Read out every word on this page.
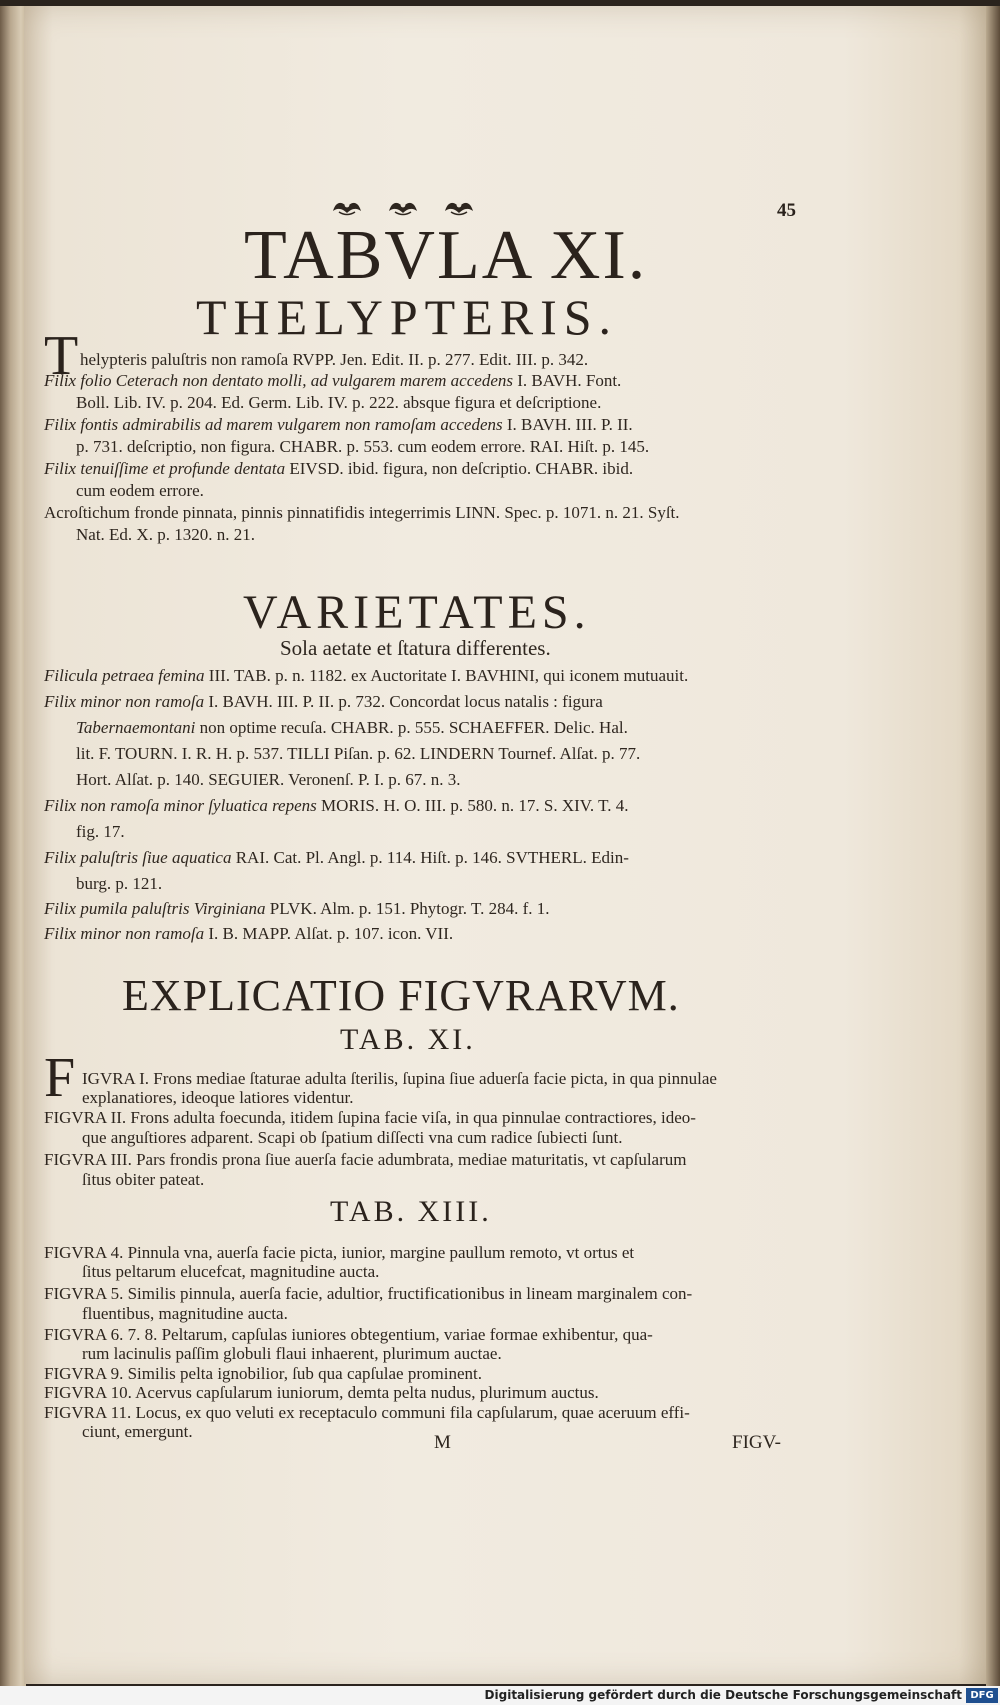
45
TABVLA XI.
THELYPTERIS.
T helypteris paluſtris non ramoſa RVPP. Jen. Edit. II. p. 277. Edit. III. p. 342.
Filix folio Ceterach non dentato molli, ad vulgarem marem accedens I. BAVH. Font.
Boll. Lib. IV. p. 204. Ed. Germ. Lib. IV. p. 222. absque figura et deſcriptione.
Filix fontis admirabilis ad marem vulgarem non ramoſam accedens I. BAVH. III. P. II.
p. 731. deſcriptio, non figura. CHABR. p. 553. cum eodem errore. RAI. Hiſt. p. 145.
Filix tenuiſſime et profunde dentata EIVSD. ibid. figura, non deſcriptio. CHABR. ibid.
cum eodem errore.
Acroſtichum fronde pinnata, pinnis pinnatifidis integerrimis LINN. Spec. p. 1071. n. 21. Syſt.
Nat. Ed. X. p. 1320. n. 21.
VARIETATES.
Sola aetate et ſtatura differentes.
Filicula petraea femina III. TAB. p. n. 1182. ex Auctoritate I. BAVHINI, qui iconem mutuauit.
Filix minor non ramoſa I. BAVH. III. P. II. p. 732. Concordat locus natalis : figura
Tabernaemontani non optime recuſa. CHABR. p. 555. SCHAEFFER. Delic. Hal.
lit. F. TOURN. I. R. H. p. 537. TILLI Piſan. p. 62. LINDERN Tournef. Alſat. p. 77.
Hort. Alſat. p. 140. SEGUIER. Veronenſ. P. I. p. 67. n. 3.
Filix non ramoſa minor ſyluatica repens MORIS. H. O. III. p. 580. n. 17. S. XIV. T. 4.
fig. 17.
Filix paluſtris ſiue aquatica RAI. Cat. Pl. Angl. p. 114. Hiſt. p. 146. SVTHERL. Edin-
burg. p. 121.
Filix pumila paluſtris Virginiana PLVK. Alm. p. 151. Phytogr. T. 284. f. 1.
Filix minor non ramoſa I. B. MAPP. Alſat. p. 107. icon. VII.
EXPLICATIO FIGVRARVM.
TAB. XI.
F IGVRA I. Frons mediae ſtaturae adulta ſterilis, ſupina ſiue aduerſa facie picta, in qua pinnulae
explanatiores, ideoque latiores videntur.
FIGVRA II. Frons adulta foecunda, itidem ſupina facie viſa, in qua pinnulae contractiores, ideo-
que anguſtiores adparent. Scapi ob ſpatium diſſecti vna cum radice ſubiecti ſunt.
FIGVRA III. Pars frondis prona ſiue auerſa facie adumbrata, mediae maturitatis, vt capſularum
ſitus obiter pateat.
TAB. XIII.
FIGVRA 4. Pinnula vna, auerſa facie picta, iunior, margine paullum remoto, vt ortus et
ſitus peltarum elucefcat, magnitudine aucta.
FIGVRA 5. Similis pinnula, auerſa facie, adultior, fructificationibus in lineam marginalem con-
fluentibus, magnitudine aucta.
FIGVRA 6. 7. 8. Peltarum, capſulas iuniores obtegentium, variae formae exhibentur, qua-
rum lacinulis paſſim globuli flaui inhaerent, plurimum auctae.
FIGVRA 9. Similis pelta ignobilior, ſub qua capſulae prominent.
FIGVRA 10. Acervus capſularum iuniorum, demta pelta nudus, plurimum auctus.
FIGVRA 11. Locus, ex quo veluti ex receptaculo communi fila capſularum, quae aceruum effi-
ciunt, emergunt.
M	FIGV-
Digitalisierung gefördert durch die Deutsche Forschungsgemeinschaft DFG
